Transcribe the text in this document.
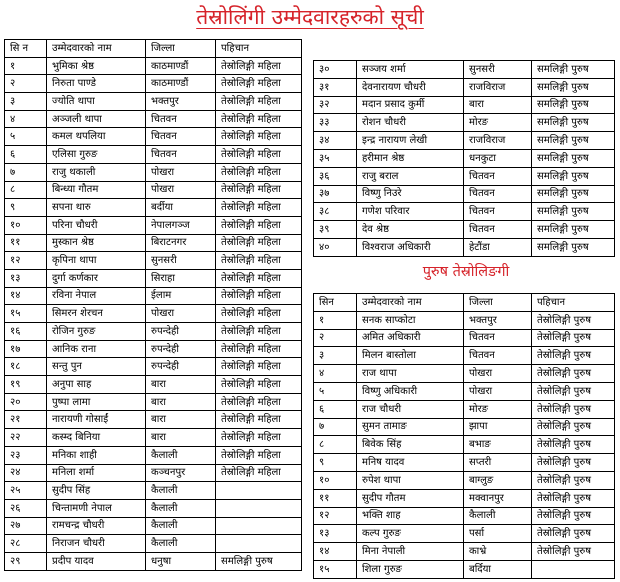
तेस्रोलिंगी उम्मेदवारहरुको सूची
सि न	उम्मेदवारको नाम	जिल्ला	पहिचान
१	भुमिका श्रेष्ठ	काठमाण्डौं	तेस्रोलिङ्गी महिला
२	निरुता पाण्डे	काठमाण्डौं	तेस्रोलिङ्गी महिला
३	ज्योति थापा	भक्तपुर	तेस्रोलिङ्गी महिला
४	अञ्जली थापा	चितवन	तेस्रोलिङ्गी महिला
५	कमल थपलिया	चितवन	तेस्रोलिङ्गी महिला
६	एलिसा गुरुङ	चितवन	तेस्रोलिङ्गी महिला
७	राजु थकाली	पोखरा	तेस्रोलिङ्गी महिला
८	बिन्ध्या गौतम	पोखरा	तेस्रोलिङ्गी महिला
९	सपना थारु	बर्दीया	तेस्रोलिङ्गी महिला
१०	परिना चौधरी	नेपालगञ्ज	तेस्रोलिङ्गी महिला
११	मुस्कान श्रेष्ठ	बिराटनगर	तेस्रोलिङ्गी महिला
१२	कृपिना थापा	सुनसरी	तेस्रोलिङ्गी महिला
१३	दुर्गा कर्णकार	सिराहा	तेस्रोलिङ्गी महिला
१४	रविना नेपाल	ईलाम	तेस्रोलिङ्गी महिला
१५	सिमरन शेरचन	पोखरा	तेस्रोलिङ्गी महिला
१६	रोजिन गुरुङ	रुपन्देही	तेस्रोलिङ्गी महिला
१७	आनिक राना	रुपन्देही	तेस्रोलिङ्गी महिला
१८	सन्तु पुन	रुपन्देही	तेस्रोलिङ्गी महिला
१९	अनुपा साह	बारा	तेस्रोलिङ्गी महिला
२०	पुष्पा लामा	बारा	तेस्रोलिङ्गी महिला
२१	नारायणी गोसाईं	बारा	तेस्रोलिङ्गी महिला
२२	कस्म्द बिनिया	बारा	तेस्रोलिङ्गी महिला
२३	मनिका शाही	कैलाली	तेस्रोलिङ्गी महिला
२४	मनिला शर्मा	कञ्चनपुर	तेस्रोलिङ्गी महिला
२५	सुदीप सिंह	कैलाली	
२६	चिन्तामणी नेपाल	कैलाली	
२७	रामचन्द्र चौधरी	कैलाली	
२८	निराजन चौधरी	कैलाली	
२९	प्रदीप यादव	धनुषा	समलिङ्गी पुरुष
३०	सञ्जय शर्मा	सुनसरी	समलिङ्गी पुरुष
३१	देवनारायण चौधरी	राजविराज	समलिङ्गी पुरुष
३२	मदान प्रसाद कुर्मी	बारा	समलिङ्गी पुरुष
३३	रोशन चौधरी	मोरङ	समलिङ्गी पुरुष
३४	इन्द्र नारायण लेखी	राजविराज	समलिङ्गी पुरुष
३५	हरीमान श्रेष्ठ	धनकुटा	समलिङ्गी पुरुष
३६	राजु बराल	चितवन	समलिङ्गी पुरुष
३७	विष्णु निउरे	चितवन	समलिङ्गी पुरुष
३८	गणेश परिवार	चितवन	समलिङ्गी पुरुष
३९	देव श्रेष्ठ	चितवन	समलिङ्गी पुरुष
४०	विश्वराज अधिकारी	हेटौंडा	समलिङ्गी पुरुष
पुरुष तेस्रोलिङगी
सिन	उम्मेदवारको नाम	जिल्ला	पहिचान
१	सनक साप्कोटा	भक्तपुर	तेस्रोलिङ्गी पुरुष
२	अमित अधिकारी	चितवन	तेस्रोलिङ्गी पुरुष
३	मिलन बास्तोला	चितवन	तेस्रोलिङ्गी पुरुष
४	राज थापा	पोखरा	तेस्रोलिङ्गी पुरुष
५	विष्णु अधिकारी	पोखरा	तेस्रोलिङ्गी पुरुष
६	राज चौधरी	मोरङ	तेस्रोलिङ्गी पुरुष
७	सुमन तामाङ	झापा	तेस्रोलिङ्गी पुरुष
८	बिवेक सिंह	बभाङ	तेस्रोलिङ्गी पुरुष
९	मनिष यादव	सप्तरी	तेस्रोलिङ्गी पुरुष
१०	रुपेश थापा	बाग्लुङ	तेस्रोलिङ्गी पुरुष
११	सुदीप गौतम	मक्वानपुर	तेस्रोलिङ्गी पुरुष
१२	भक्ति शाह	कैलाली	तेस्रोलिङ्गी पुरुष
१३	कल्प गुरुङ	पर्सा	तेस्रोलिङ्गी पुरुष
१४	मिना नेपाली	काभ्रे	तेस्रोलिङ्गी पुरुष
१५	शिला गुरुङ	बर्दिया	
